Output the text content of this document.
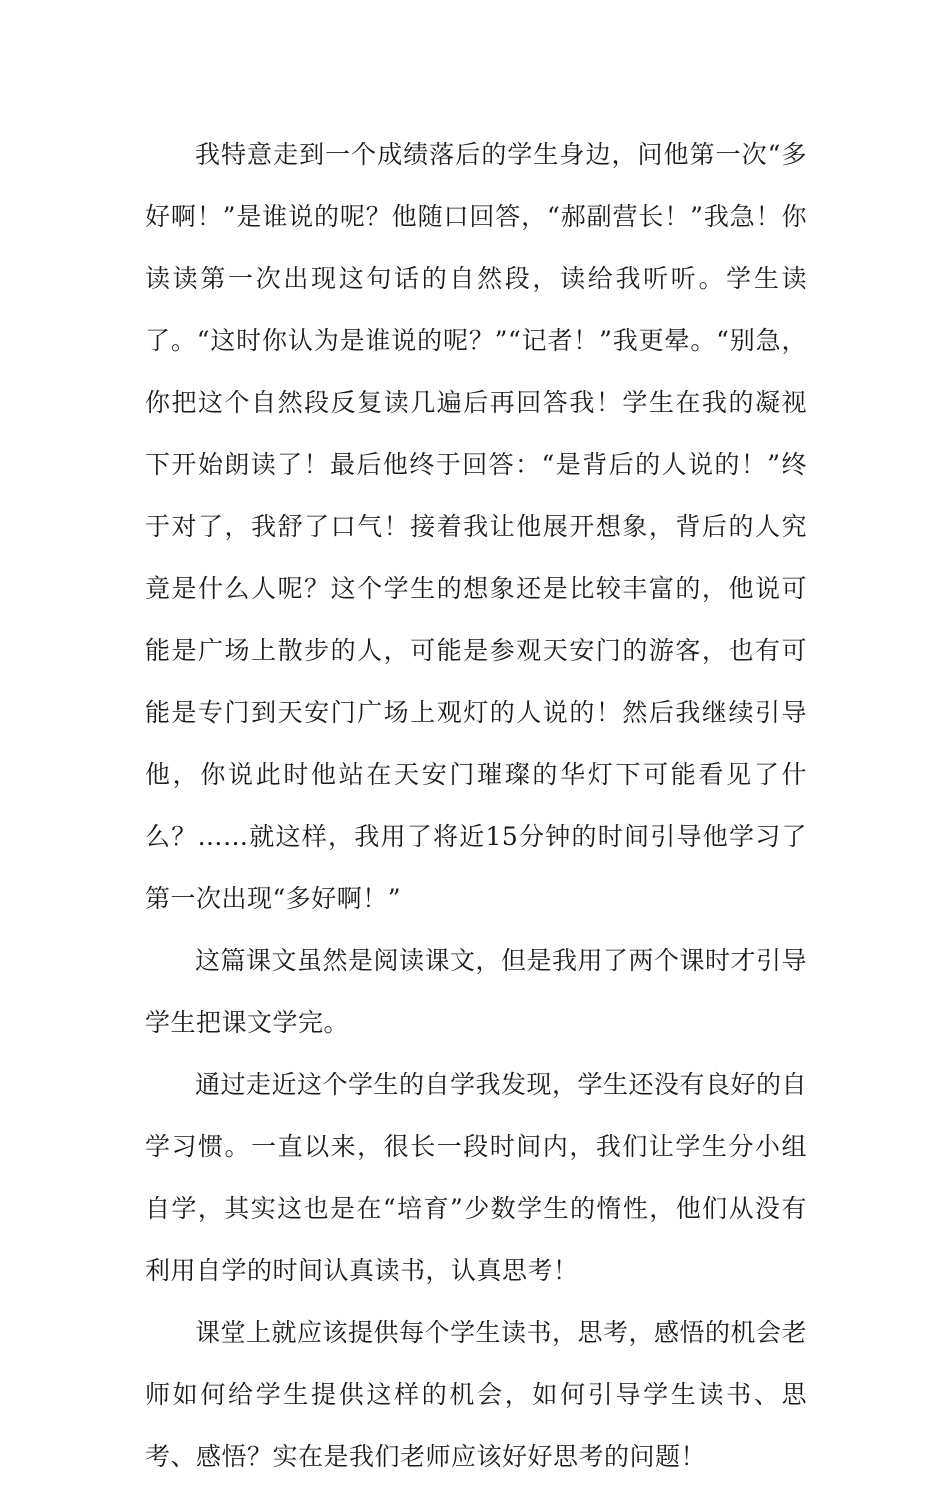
我特意走到一个成绩落后的学生身边，问他第一次“多好啊！”是谁说的呢？他随口回答，“郝副营长！”我急！你读读第一次出现这句话的自然段，读给我听听。学生读了。“这时你认为是谁说的呢？”“记者！”我更晕。“别急，你把这个自然段反复读几遍后再回答我！学生在我的凝视下开始朗读了！最后他终于回答：“是背后的人说的！”终于对了，我舒了口气！接着我让他展开想象，背后的人究竟是什么人呢？这个学生的想象还是比较丰富的，他说可能是广场上散步的人，可能是参观天安门的游客，也有可能是专门到天安门广场上观灯的人说的！然后我继续引导他，你说此时他站在天安门璀璨的华灯下可能看见了什么？……就这样，我用了将近15分钟的时间引导他学习了第一次出现“多好啊！”

这篇课文虽然是阅读课文，但是我用了两个课时才引导学生把课文学完。

通过走近这个学生的自学我发现，学生还没有良好的自学习惯。一直以来，很长一段时间内，我们让学生分小组自学，其实这也是在“培育”少数学生的惰性，他们从没有利用自学的时间认真读书，认真思考！

课堂上就应该提供每个学生读书，思考，感悟的机会老师如何给学生提供这样的机会，如何引导学生读书、思考、感悟？实在是我们老师应该好好思考的问题！
